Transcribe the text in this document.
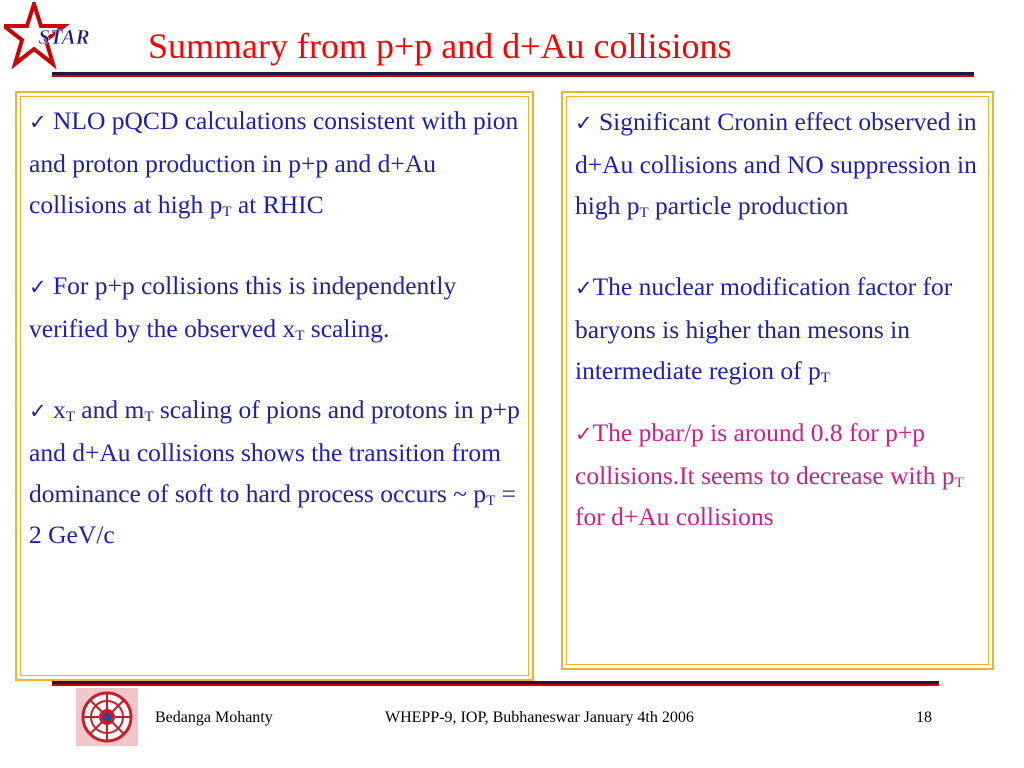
STAR Summary from p+p and d+Au collisions

✓ NLO pQCD calculations consistent with pion and proton production in p+p and d+Au collisions at high $p_T$ at RHIC

✓ For p+p collisions this is independently verified by the observed $x_T$ scaling.

✓ $x_T$ and $m_T$ scaling of pions and protons in p+p and d+Au collisions shows the transition from dominance of soft to hard process occurs ~ $p_T = 2$ GeV/c

✓ Significant Cronin effect observed in d+Au collisions and NO suppression in high $p_T$ particle production

✓The nuclear modification factor for baryons is higher than mesons in intermediate region of $p_T$

✓The pbar/p is around 0.8 for p+p collisions.It seems to decrease with $p_T$ for d+Au collisions

Bedanga Mohanty	WHEPP-9, IOP, Bubhaneswar January 4th 2006	18
